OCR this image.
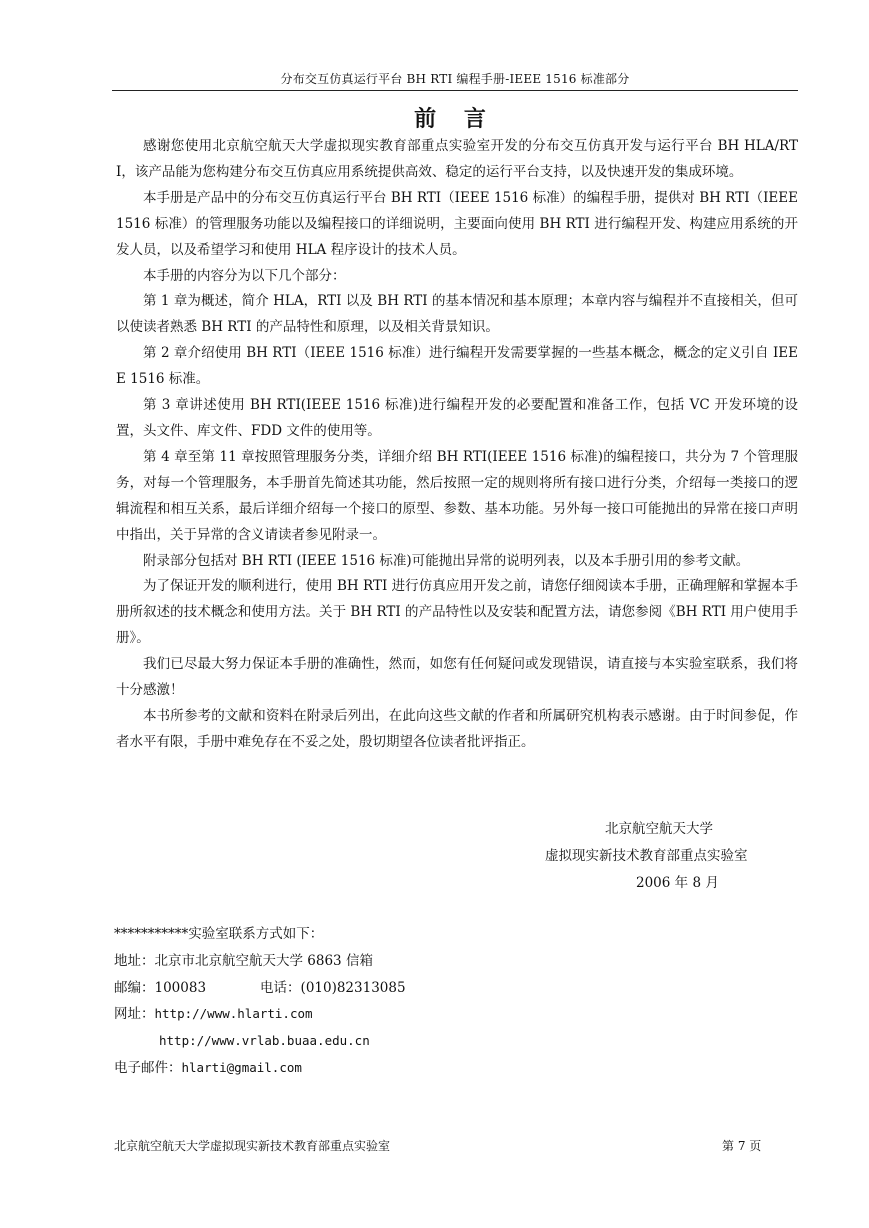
分布交互仿真运行平台 BH RTI 编程手册-IEEE 1516 标准部分
前 言

感谢您使用北京航空航天大学虚拟现实教育部重点实验室开发的分布交互仿真开发与运行平台 BH HLA/RTI，该产品能为您构建分布交互仿真应用系统提供高效、稳定的运行平台支持，以及快速开发的集成环境。

本手册是产品中的分布交互仿真运行平台 BH RTI（IEEE 1516 标准）的编程手册，提供对 BH RTI（IEEE 1516 标准）的管理服务功能以及编程接口的详细说明，主要面向使用 BH RTI 进行编程开发、构建应用系统的开发人员，以及希望学习和使用 HLA 程序设计的技术人员。

本手册的内容分为以下几个部分：

第 1 章为概述，简介 HLA，RTI 以及 BH RTI 的基本情况和基本原理；本章内容与编程并不直接相关，但可以使读者熟悉 BH RTI 的产品特性和原理，以及相关背景知识。

第 2 章介绍使用 BH RTI（IEEE 1516 标准）进行编程开发需要掌握的一些基本概念，概念的定义引自 IEEE 1516 标准。

第 3 章讲述使用 BH RTI(IEEE 1516 标准)进行编程开发的必要配置和准备工作，包括 VC 开发环境的设置，头文件、库文件、FDD 文件的使用等。

第 4 章至第 11 章按照管理服务分类，详细介绍 BH RTI(IEEE 1516 标准)的编程接口，共分为 7 个管理服务，对每一个管理服务，本手册首先简述其功能，然后按照一定的规则将所有接口进行分类，介绍每一类接口的逻辑流程和相互关系，最后详细介绍每一个接口的原型、参数、基本功能。另外每一接口可能抛出的异常在接口声明中指出，关于异常的含义请读者参见附录一。

附录部分包括对 BH RTI (IEEE 1516 标准)可能抛出异常的说明列表，以及本手册引用的参考文献。

为了保证开发的顺利进行，使用 BH RTI 进行仿真应用开发之前，请您仔细阅读本手册，正确理解和掌握本手册所叙述的技术概念和使用方法。关于 BH RTI 的产品特性以及安装和配置方法，请您参阅《BH RTI 用户使用手册》。

我们已尽最大努力保证本手册的准确性，然而，如您有任何疑问或发现错误，请直接与本实验室联系，我们将十分感激！

本书所参考的文献和资料在附录后列出，在此向这些文献的作者和所属研究机构表示感谢。由于时间参促，作者水平有限，手册中难免存在不妥之处，殷切期望各位读者批评指正。

北京航空航天大学
虚拟现实新技术教育部重点实验室
2006 年 8 月
***********实验室联系方式如下：
地址：北京市北京航空航天大学 6863 信箱
邮编：100083	电话：(010)82313085
网址：http://www.hlarti.com
http://www.vrlab.buaa.edu.cn
电子邮件：hlarti@gmail.com
北京航空航天大学虚拟现实新技术教育部重点实验室	第 7 页
